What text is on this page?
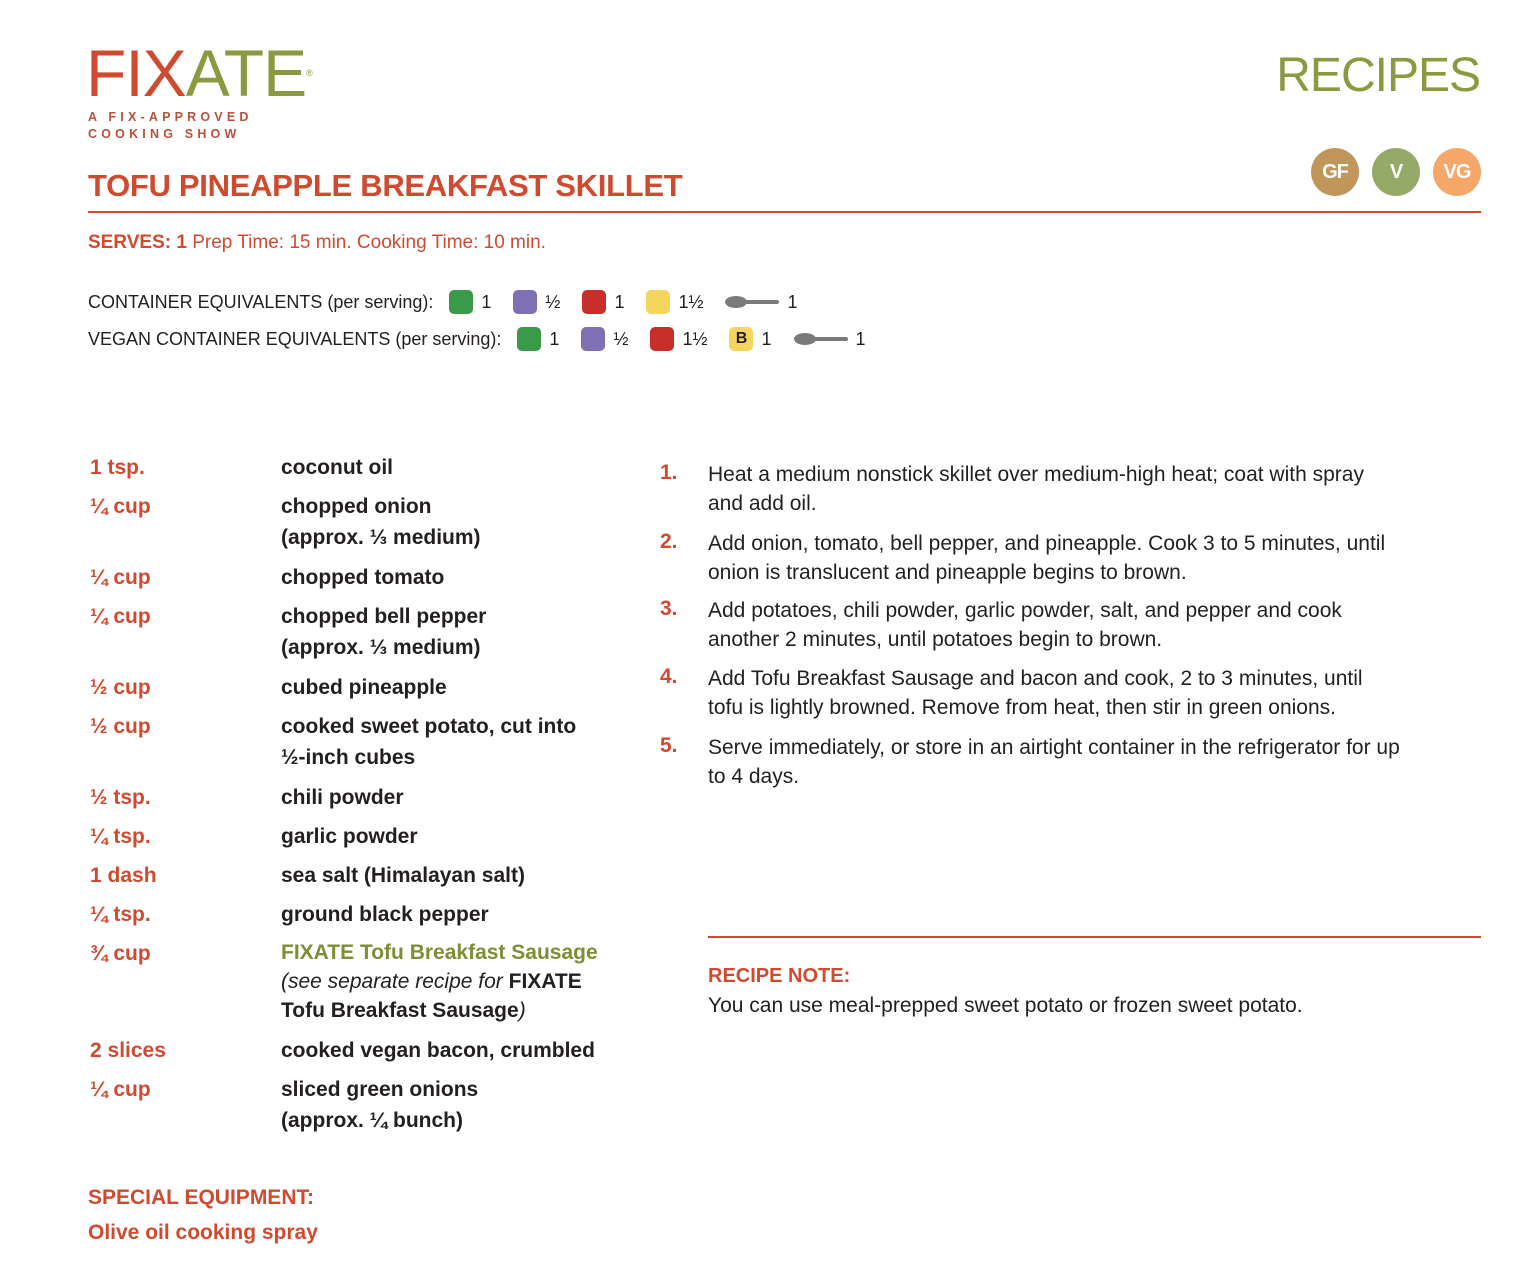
FIXATE®
A FIX-APPROVED
COOKING SHOW
RECIPES
GF	V	VG
TOFU PINEAPPLE BREAKFAST SKILLET
SERVES: 1 Prep Time: 15 min. Cooking Time: 10 min.
CONTAINER EQUIVALENTS (per serving):	1	½	1	1½	1
VEGAN CONTAINER EQUIVALENTS (per serving):	1	½	1½	B 1	1
1 tsp.	coconut oil
¼ cup	chopped onion
(approx. ⅓ medium)
¼ cup	chopped tomato
¼ cup	chopped bell pepper
(approx. ⅓ medium)
½ cup	cubed pineapple
½ cup	cooked sweet potato, cut into
½-inch cubes
½ tsp.	chili powder
¼ tsp.	garlic powder
1 dash	sea salt (Himalayan salt)
¼ tsp.	ground black pepper
¾ cup	FIXATE Tofu Breakfast Sausage
(see separate recipe for FIXATE
Tofu Breakfast Sausage)
2 slices	cooked vegan bacon, crumbled
¼ cup	sliced green onions
(approx. ¼ bunch)
1.	Heat a medium nonstick skillet over medium-high heat; coat with spray
and add oil.
2.	Add onion, tomato, bell pepper, and pineapple. Cook 3 to 5 minutes, until
onion is translucent and pineapple begins to brown.
3.	Add potatoes, chili powder, garlic powder, salt, and pepper and cook
another 2 minutes, until potatoes begin to brown.
4.	Add Tofu Breakfast Sausage and bacon and cook, 2 to 3 minutes, until
tofu is lightly browned. Remove from heat, then stir in green onions.
5.	Serve immediately, or store in an airtight container in the refrigerator for up
to 4 days.
RECIPE NOTE:
You can use meal-prepped sweet potato or frozen sweet potato.
SPECIAL EQUIPMENT:
Olive oil cooking spray
